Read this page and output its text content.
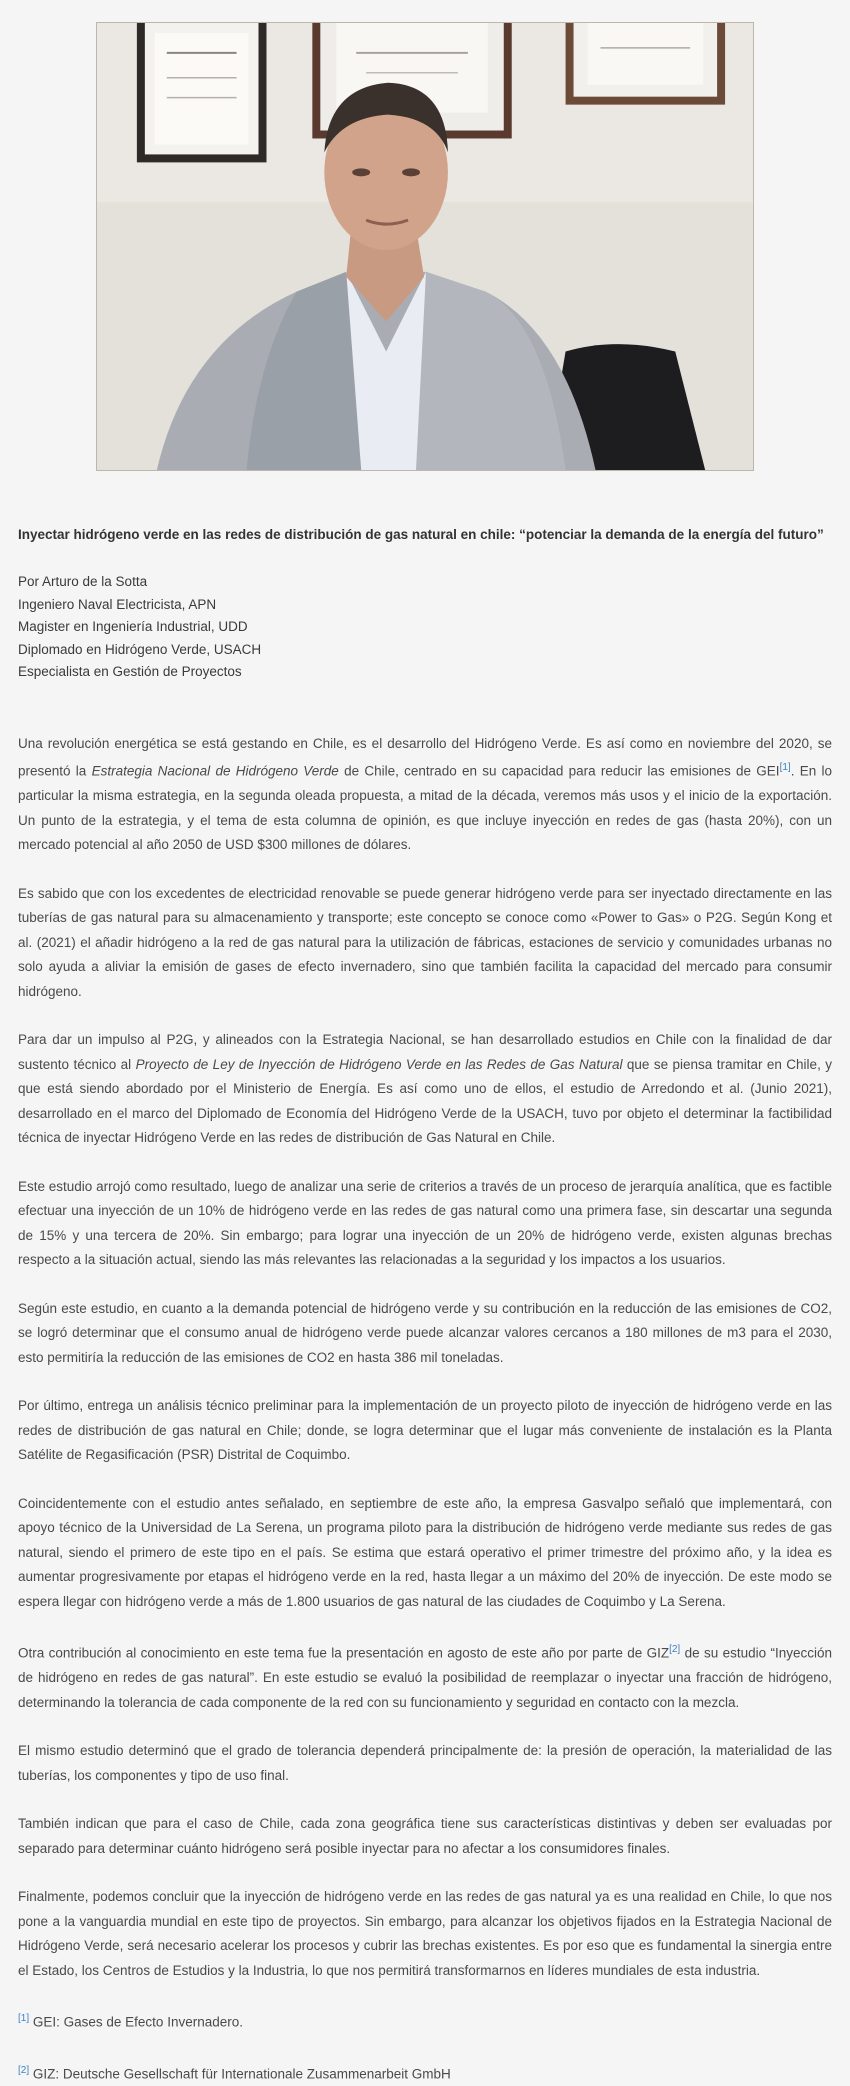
Inyectar hidrógeno verde en las redes de distribución de gas natural en chile: “potenciar la demanda de la energía del futuro”
Por Arturo de la Sotta
Ingeniero Naval Electricista, APN
Magister en Ingeniería Industrial, UDD
Diplomado en Hidrógeno Verde, USACH
Especialista en Gestión de Proyectos

Una revolución energética se está gestando en Chile, es el desarrollo del Hidrógeno Verde. Es así como en noviembre del 2020, se presentó la Estrategia Nacional de Hidrógeno Verde de Chile, centrado en su capacidad para reducir las emisiones de GEI[1]. En lo particular la misma estrategia, en la segunda oleada propuesta, a mitad de la década, veremos más usos y el inicio de la exportación. Un punto de la estrategia, y el tema de esta columna de opinión, es que incluye inyección en redes de gas (hasta 20%), con un mercado potencial al año 2050 de USD $300 millones de dólares.

Es sabido que con los excedentes de electricidad renovable se puede generar hidrógeno verde para ser inyectado directamente en las tuberías de gas natural para su almacenamiento y transporte; este concepto se conoce como «Power to Gas» o P2G. Según Kong et al. (2021) el añadir hidrógeno a la red de gas natural para la utilización de fábricas, estaciones de servicio y comunidades urbanas no solo ayuda a aliviar la emisión de gases de efecto invernadero, sino que también facilita la capacidad del mercado para consumir hidrógeno.

Para dar un impulso al P2G, y alineados con la Estrategia Nacional, se han desarrollado estudios en Chile con la finalidad de dar sustento técnico al Proyecto de Ley de Inyección de Hidrógeno Verde en las Redes de Gas Natural que se piensa tramitar en Chile, y que está siendo abordado por el Ministerio de Energía. Es así como uno de ellos, el estudio de Arredondo et al. (Junio 2021), desarrollado en el marco del Diplomado de Economía del Hidrógeno Verde de la USACH, tuvo por objeto el determinar la factibilidad técnica de inyectar Hidrógeno Verde en las redes de distribución de Gas Natural en Chile.

Este estudio arrojó como resultado, luego de analizar una serie de criterios a través de un proceso de jerarquía analítica, que es factible efectuar una inyección de un 10% de hidrógeno verde en las redes de gas natural como una primera fase, sin descartar una segunda de 15% y una tercera de 20%. Sin embargo; para lograr una inyección de un 20% de hidrógeno verde, existen algunas brechas respecto a la situación actual, siendo las más relevantes las relacionadas a la seguridad y los impactos a los usuarios.

Según este estudio, en cuanto a la demanda potencial de hidrógeno verde y su contribución en la reducción de las emisiones de CO2, se logró determinar que el consumo anual de hidrógeno verde puede alcanzar valores cercanos a 180 millones de m3 para el 2030, esto permitiría la reducción de las emisiones de CO2 en hasta 386 mil toneladas.

Por último, entrega un análisis técnico preliminar para la implementación de un proyecto piloto de inyección de hidrógeno verde en las redes de distribución de gas natural en Chile; donde, se logra determinar que el lugar más conveniente de instalación es la Planta Satélite de Regasificación (PSR) Distrital de Coquimbo.

Coincidentemente con el estudio antes señalado, en septiembre de este año, la empresa Gasvalpo señaló que implementará, con apoyo técnico de la Universidad de La Serena, un programa piloto para la distribución de hidrógeno verde mediante sus redes de gas natural, siendo el primero de este tipo en el país. Se estima que estará operativo el primer trimestre del próximo año, y la idea es aumentar progresivamente por etapas el hidrógeno verde en la red, hasta llegar a un máximo del 20% de inyección. De este modo se espera llegar con hidrógeno verde a más de 1.800 usuarios de gas natural de las ciudades de Coquimbo y La Serena.

Otra contribución al conocimiento en este tema fue la presentación en agosto de este año por parte de GIZ[2] de su estudio “Inyección de hidrógeno en redes de gas natural”. En este estudio se evaluó la posibilidad de reemplazar o inyectar una fracción de hidrógeno, determinando la tolerancia de cada componente de la red con su funcionamiento y seguridad en contacto con la mezcla.

El mismo estudio determinó que el grado de tolerancia dependerá principalmente de: la presión de operación, la materialidad de las tuberías, los componentes y tipo de uso final.

También indican que para el caso de Chile, cada zona geográfica tiene sus características distintivas y deben ser evaluadas por separado para determinar cuánto hidrógeno será posible inyectar para no afectar a los consumidores finales.

Finalmente, podemos concluir que la inyección de hidrógeno verde en las redes de gas natural ya es una realidad en Chile, lo que nos pone a la vanguardia mundial en este tipo de proyectos. Sin embargo, para alcanzar los objetivos fijados en la Estrategia Nacional de Hidrógeno Verde, será necesario acelerar los procesos y cubrir las brechas existentes. Es por eso que es fundamental la sinergia entre el Estado, los Centros de Estudios y la Industria, lo que nos permitirá transformarnos en líderes mundiales de esta industria.

[1] GEI: Gases de Efecto Invernadero.
[2] GIZ: Deutsche Gesellschaft für Internationale Zusammenarbeit GmbH
